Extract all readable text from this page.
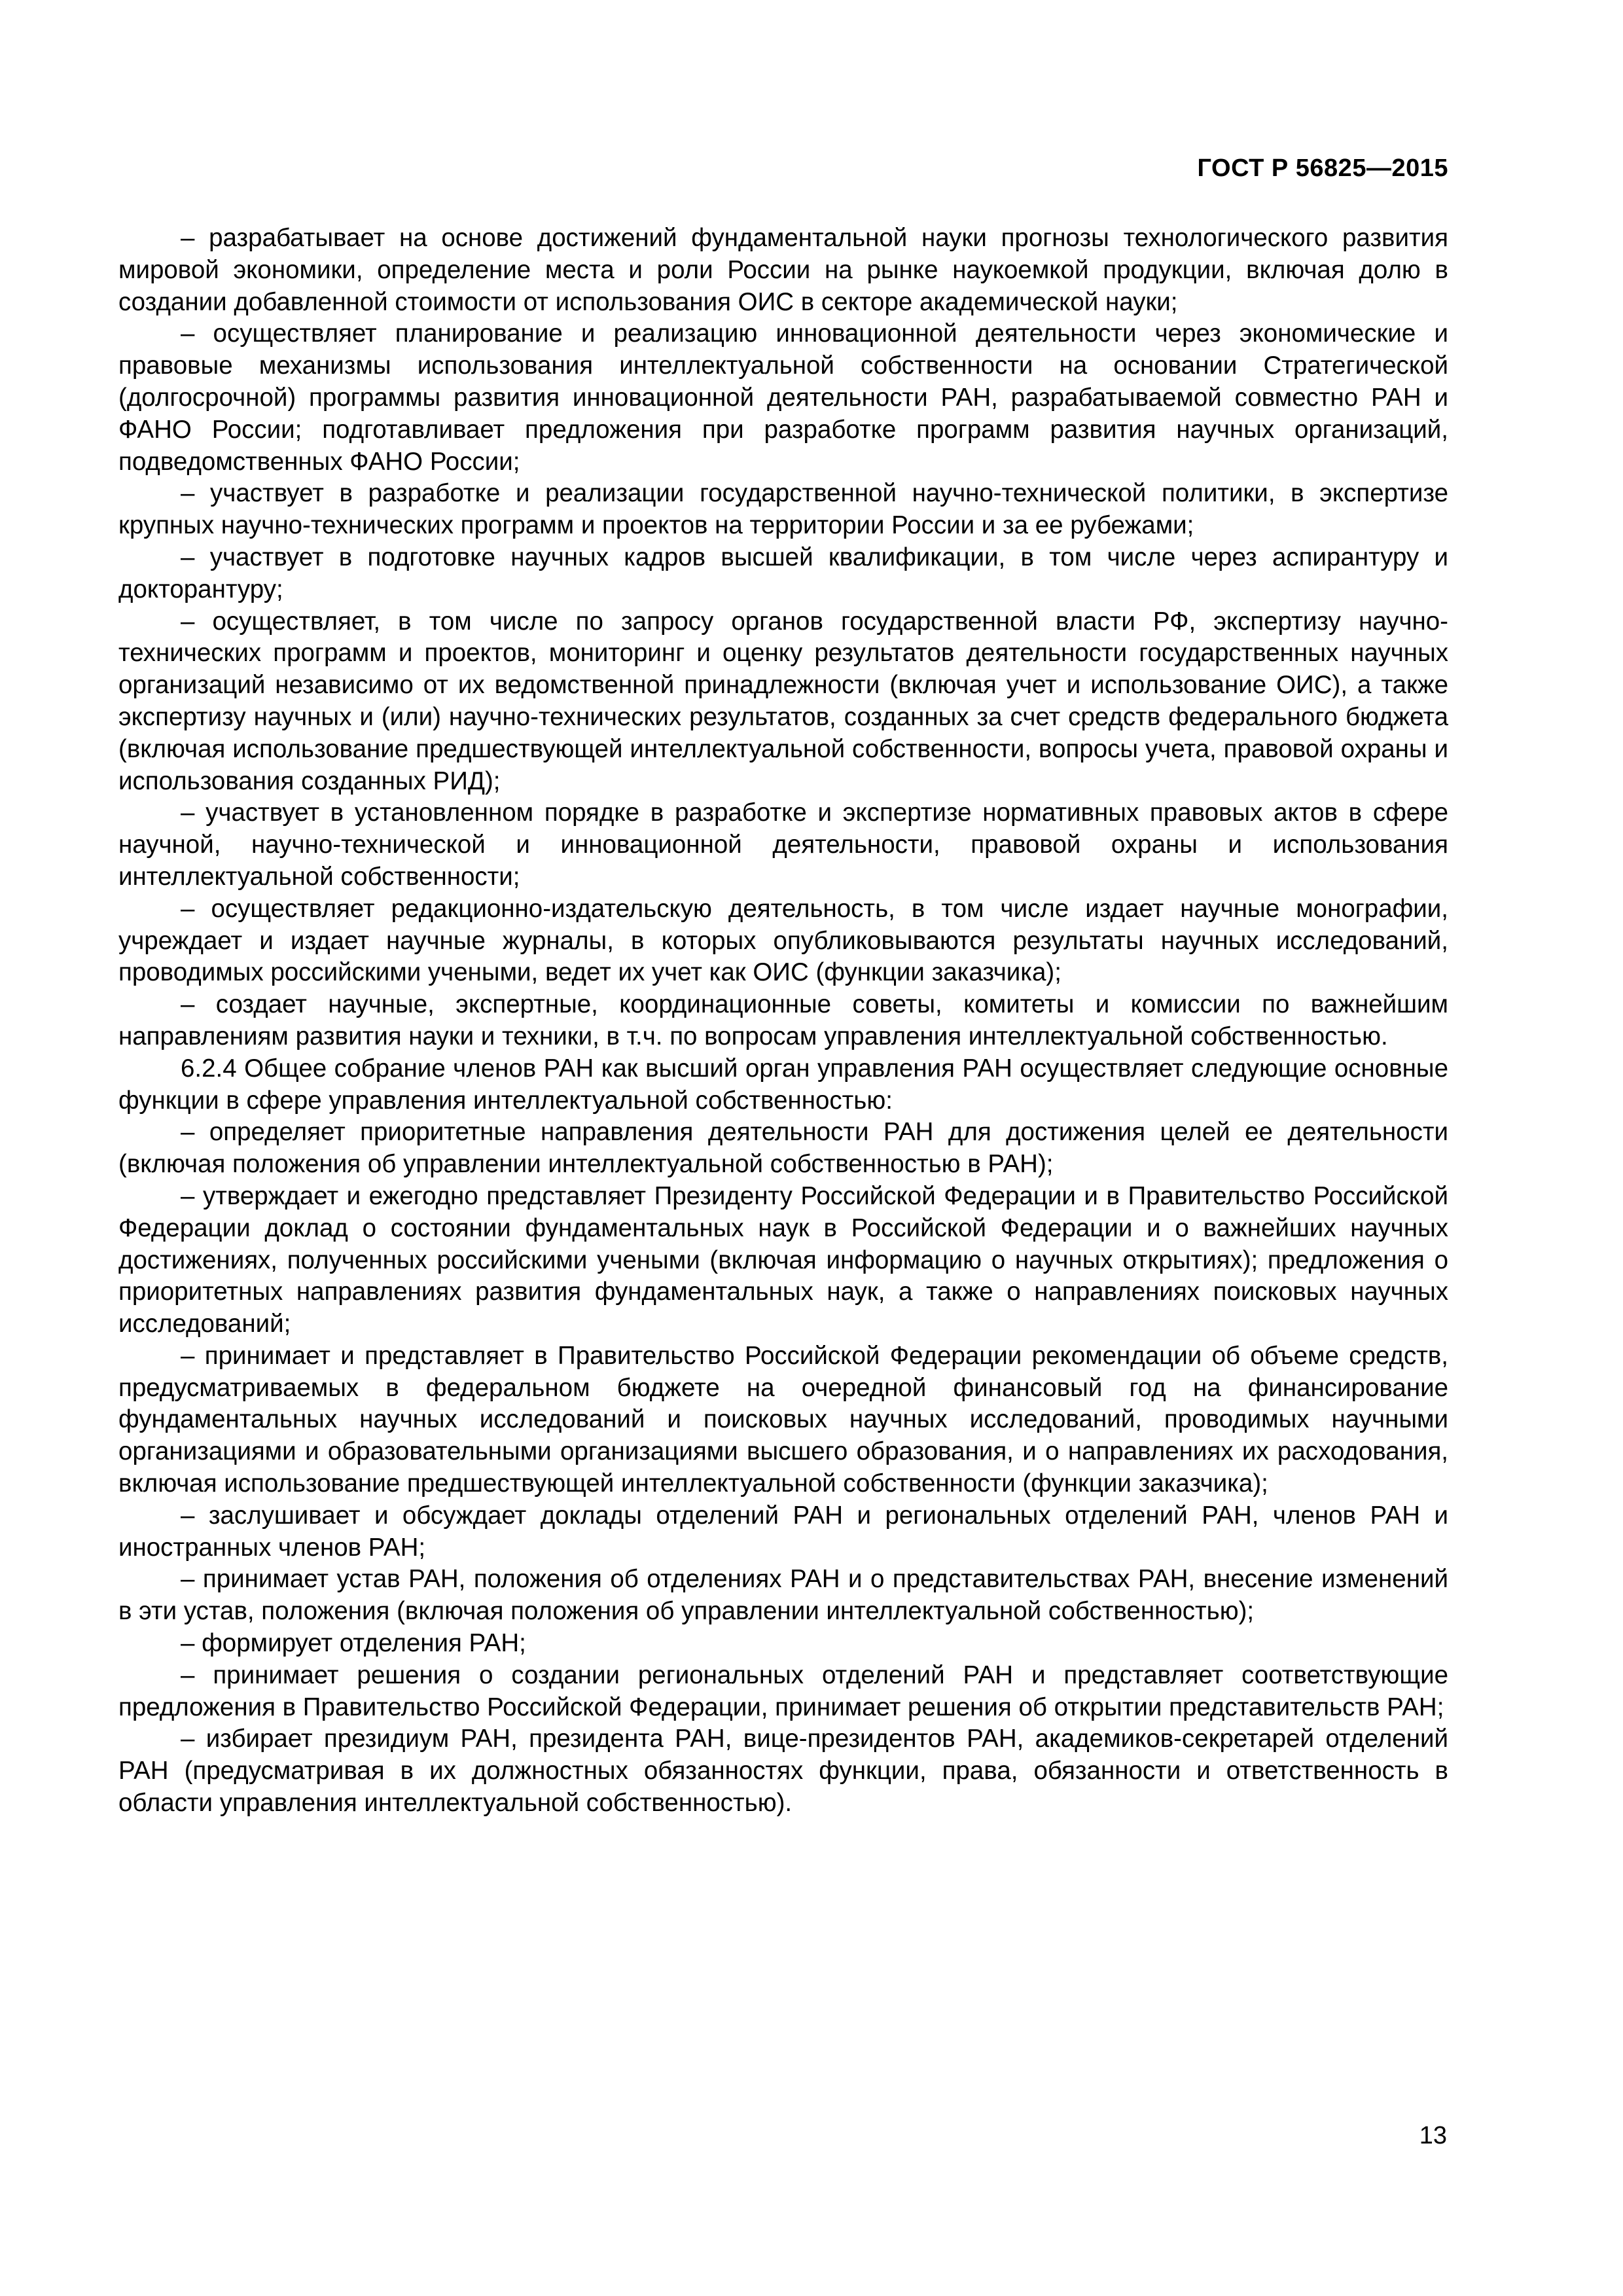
ГОСТ Р 56825—2015

– разрабатывает на основе достижений фундаментальной науки прогнозы технологического развития мировой экономики, определение места и роли России на рынке наукоемкой продукции, включая долю в создании добавленной стоимости от использования ОИС в секторе академической науки;

– осуществляет планирование и реализацию инновационной деятельности через экономические и правовые механизмы использования интеллектуальной собственности на основании Стратегической (долгосрочной) программы развития инновационной деятельности РАН, разрабатываемой совместно РАН и ФАНО России; подготавливает предложения при разработке программ развития научных организаций, подведомственных ФАНО России;

– участвует в разработке и реализации государственной научно-технической политики, в экспертизе крупных научно-технических программ и проектов на территории России и за ее рубежами;

– участвует в подготовке научных кадров высшей квалификации, в том числе через аспирантуру и докторантуру;

– осуществляет, в том числе по запросу органов государственной власти РФ, экспертизу научно-технических программ и проектов, мониторинг и оценку результатов деятельности государственных научных организаций независимо от их ведомственной принадлежности (включая учет и использование ОИС), а также экспертизу научных и (или) научно-технических результатов, созданных за счет средств федерального бюджета (включая использование предшествующей интеллектуальной собственности, вопросы учета, правовой охраны и использования созданных РИД);

– участвует в установленном порядке в разработке и экспертизе нормативных правовых актов в сфере научной, научно-технической и инновационной деятельности, правовой охраны и использования интеллектуальной собственности;

– осуществляет редакционно-издательскую деятельность, в том числе издает научные монографии, учреждает и издает научные журналы, в которых опубликовываются результаты научных исследований, проводимых российскими учеными, ведет их учет как ОИС (функции заказчика);

– создает научные, экспертные, координационные советы, комитеты и комиссии по важнейшим направлениям развития науки и техники, в т.ч. по вопросам управления интеллектуальной собственностью.

6.2.4 Общее собрание членов РАН как высший орган управления РАН осуществляет следующие основные функции в сфере управления интеллектуальной собственностью:

– определяет приоритетные направления деятельности РАН для достижения целей ее деятельности (включая положения об управлении интеллектуальной собственностью в РАН);

– утверждает и ежегодно представляет Президенту Российской Федерации и в Правительство Российской Федерации доклад о состоянии фундаментальных наук в Российской Федерации и о важнейших научных достижениях, полученных российскими учеными (включая информацию о научных открытиях); предложения о приоритетных направлениях развития фундаментальных наук, а также о направлениях поисковых научных исследований;

– принимает и представляет в Правительство Российской Федерации рекомендации об объеме средств, предусматриваемых в федеральном бюджете на очередной финансовый год на финансирование фундаментальных научных исследований и поисковых научных исследований, проводимых научными организациями и образовательными организациями высшего образования, и о направлениях их расходования, включая использование предшествующей интеллектуальной собственности (функции заказчика);

– заслушивает и обсуждает доклады отделений РАН и региональных отделений РАН, членов РАН и иностранных членов РАН;

– принимает устав РАН, положения об отделениях РАН и о представительствах РАН, внесение изменений в эти устав, положения (включая положения об управлении интеллектуальной собственностью);

– формирует отделения РАН;

– принимает решения о создании региональных отделений РАН и представляет соответствующие предложения в Правительство Российской Федерации, принимает решения об открытии представительств РАН;

– избирает президиум РАН, президента РАН, вице-президентов РАН, академиков-секретарей отделений РАН (предусматривая в их должностных обязанностях функции, права, обязанности и ответственность в области управления интеллектуальной собственностью).

13
